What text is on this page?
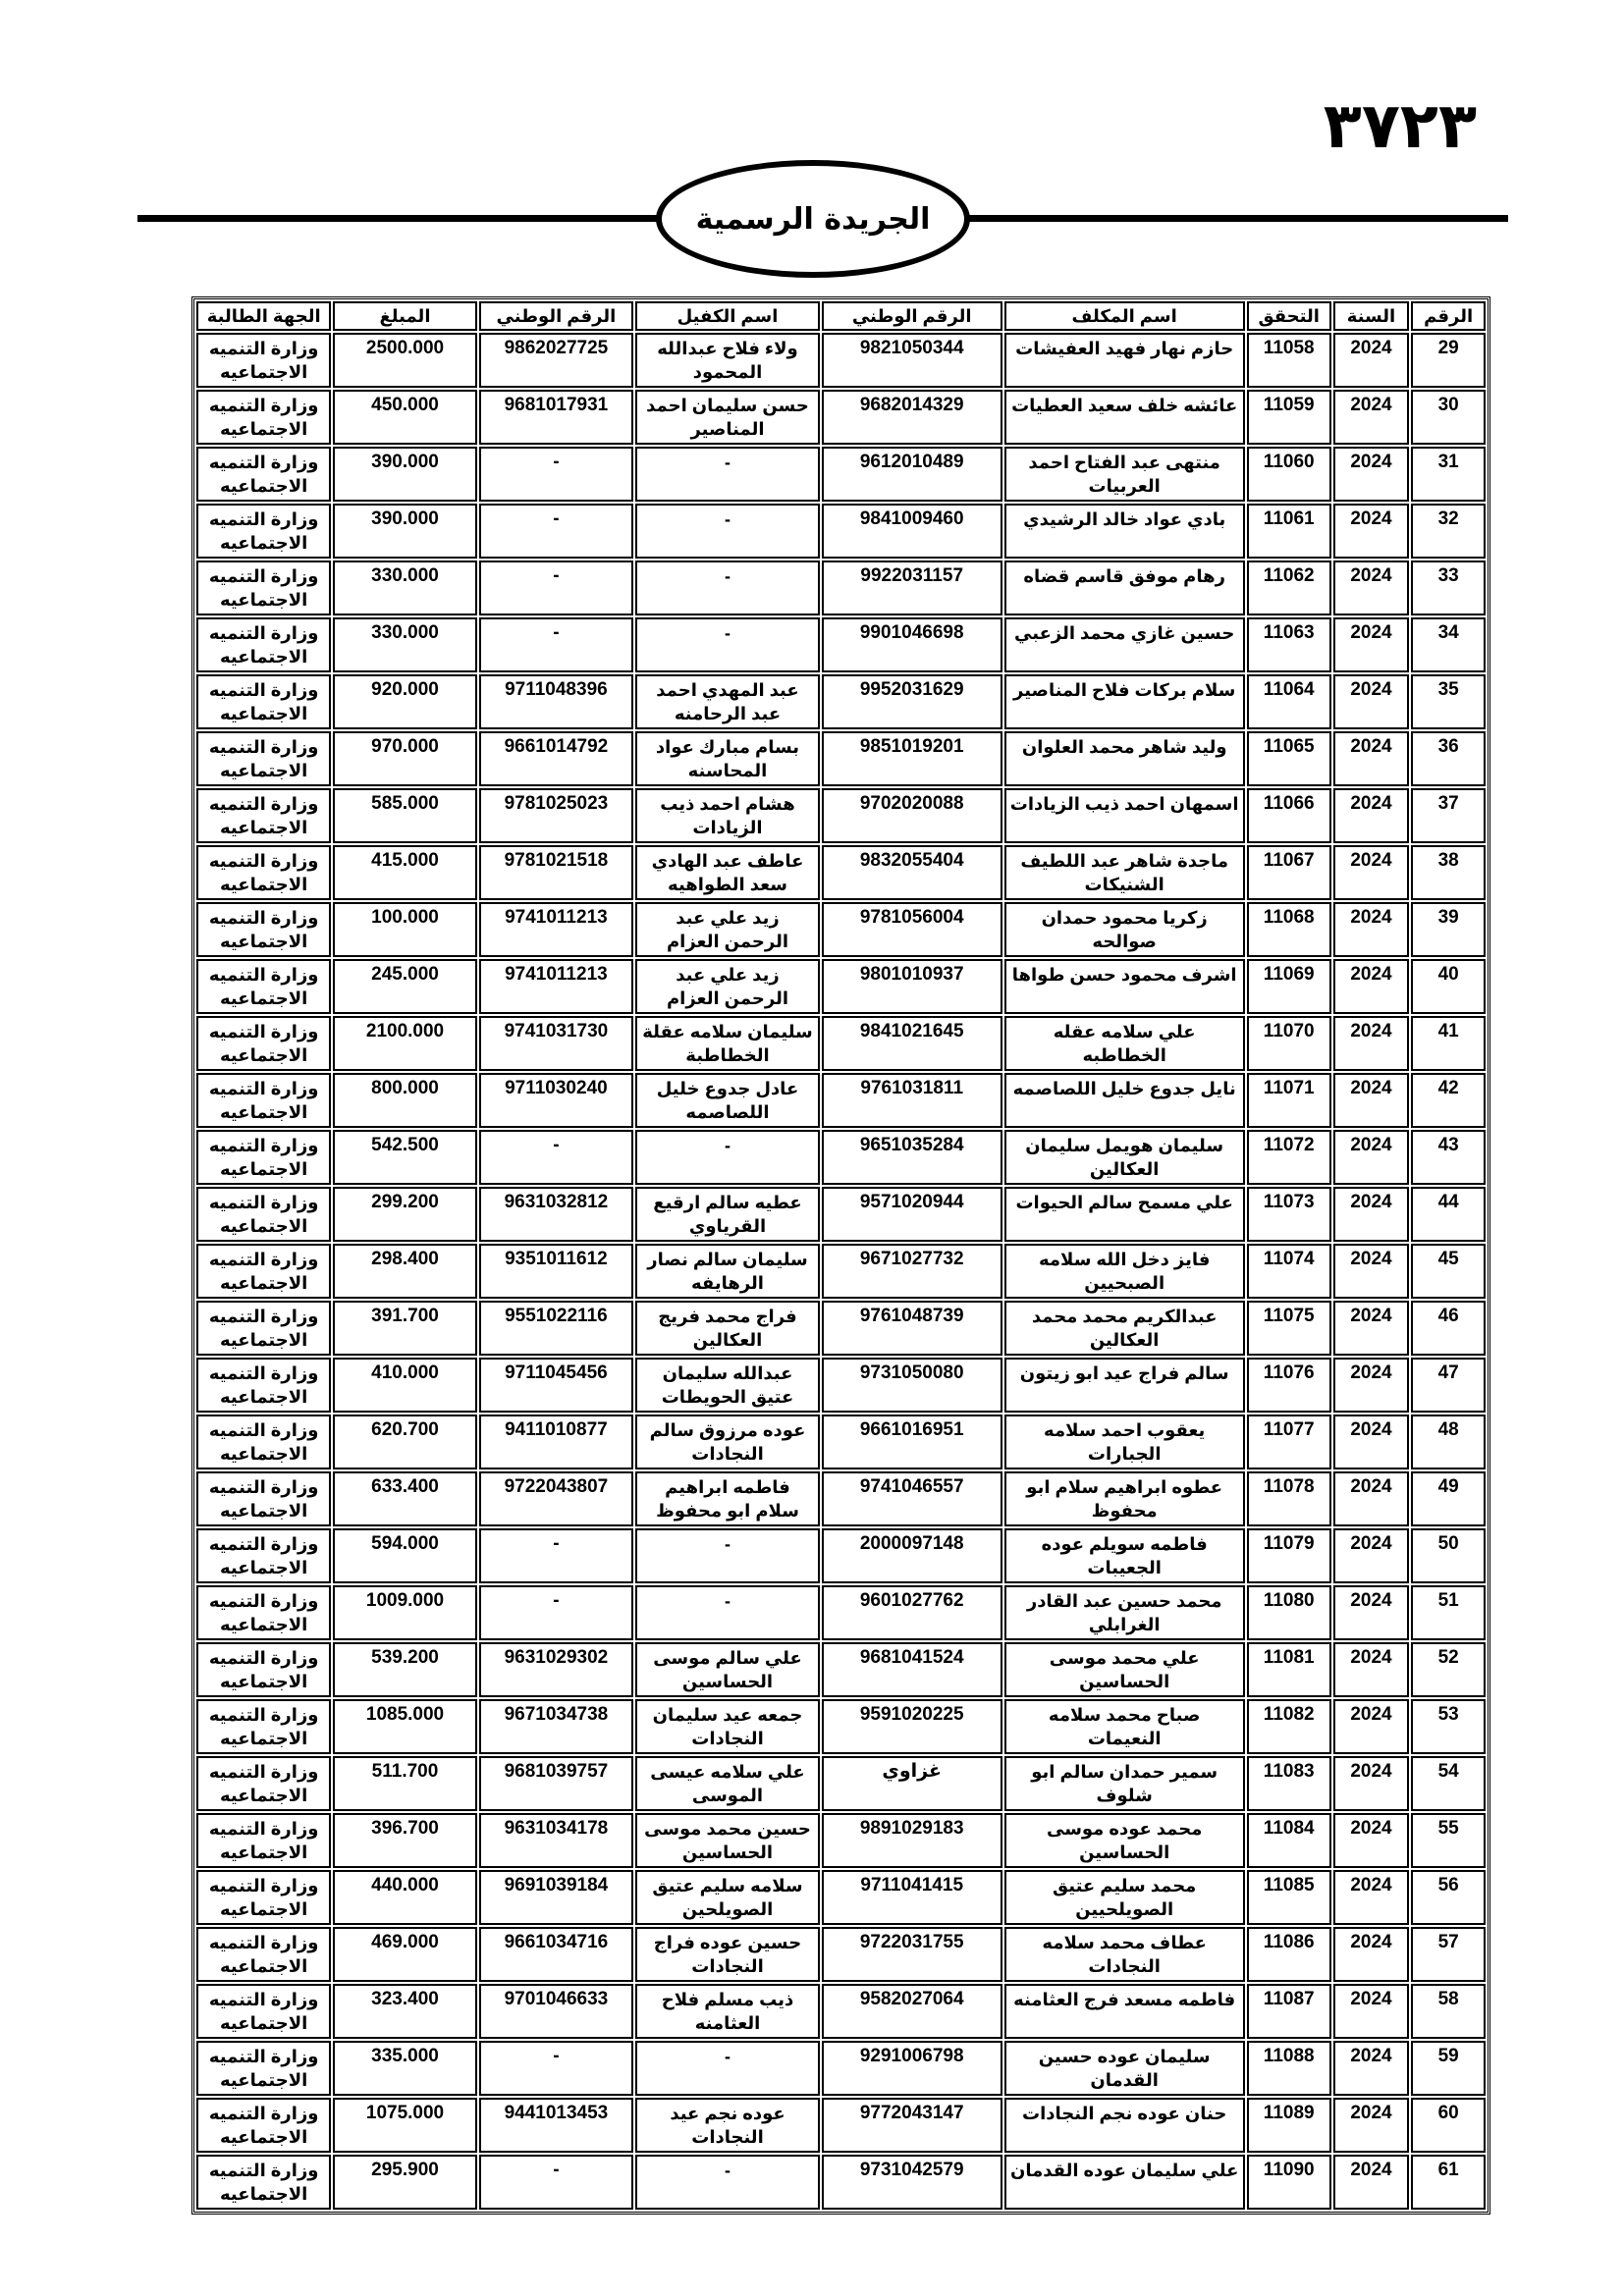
٣٧٢٣
الجريدة الرسمية
الرقم	السنة	التحقق	اسم المكلف	الرقم الوطني	اسم الكفيل	الرقم الوطني	المبلغ	الجهة الطالبة
29	2024	11058	حازم نهار فهيد العفيشات	9821050344	ولاء فلاح عبدالله المحمود	9862027725	2500.000	وزارة التنميه الاجتماعيه
30	2024	11059	عائشه خلف سعيد العطيات	9682014329	حسن سليمان احمد المناصير	9681017931	450.000	وزارة التنميه الاجتماعيه
31	2024	11060	منتهى عبد الفتاح احمد العربيات	9612010489	-	-	390.000	وزارة التنميه الاجتماعيه
32	2024	11061	بادي عواد خالد الرشيدي	9841009460	-	-	390.000	وزارة التنميه الاجتماعيه
33	2024	11062	رهام موفق قاسم قضاه	9922031157	-	-	330.000	وزارة التنميه الاجتماعيه
34	2024	11063	حسين غازي محمد الزعبي	9901046698	-	-	330.000	وزارة التنميه الاجتماعيه
35	2024	11064	سلام بركات فلاح المناصير	9952031629	عبد المهدي احمد عبد الرحامنه	9711048396	920.000	وزارة التنميه الاجتماعيه
36	2024	11065	وليد شاهر محمد العلوان	9851019201	بسام مبارك عواد المحاسنه	9661014792	970.000	وزارة التنميه الاجتماعيه
37	2024	11066	اسمهان احمد ذيب الزيادات	9702020088	هشام احمد ذيب الزيادات	9781025023	585.000	وزارة التنميه الاجتماعيه
38	2024	11067	ماجدة شاهر عبد اللطيف الشنيكات	9832055404	عاطف عبد الهادي سعد الطواهيه	9781021518	415.000	وزارة التنميه الاجتماعيه
39	2024	11068	زكريا محمود حمدان صوالحه	9781056004	زيد علي عبد الرحمن العزام	9741011213	100.000	وزارة التنميه الاجتماعيه
40	2024	11069	اشرف محمود حسن طواها	9801010937	زيد علي عبد الرحمن العزام	9741011213	245.000	وزارة التنميه الاجتماعيه
41	2024	11070	علي سلامه عقله الخطاطبه	9841021645	سليمان سلامه عقلة الخطاطبة	9741031730	2100.000	وزارة التنميه الاجتماعيه
42	2024	11071	نايل جدوع خليل اللصاصمه	9761031811	عادل جدوع خليل اللصاصمه	9711030240	800.000	وزارة التنميه الاجتماعيه
43	2024	11072	سليمان هويمل سليمان العكالين	9651035284	-	-	542.500	وزارة التنميه الاجتماعيه
44	2024	11073	علي مسمح سالم الحيوات	9571020944	عطيه سالم ارقيع القرياوي	9631032812	299.200	وزارة التنميه الاجتماعيه
45	2024	11074	فايز دخل الله سلامه الصبحيين	9671027732	سليمان سالم نصار الرهايفه	9351011612	298.400	وزارة التنميه الاجتماعيه
46	2024	11075	عبدالكريم محمد محمد العكالين	9761048739	فراج محمد فريج العكالين	9551022116	391.700	وزارة التنميه الاجتماعيه
47	2024	11076	سالم فراج عيد ابو زيتون	9731050080	عبدالله سليمان عتيق الحويطات	9711045456	410.000	وزارة التنميه الاجتماعيه
48	2024	11077	يعقوب احمد سلامه الجبارات	9661016951	عوده مرزوق سالم النجادات	9411010877	620.700	وزارة التنميه الاجتماعيه
49	2024	11078	عطوه ابراهيم سلام ابو محفوظ	9741046557	فاطمه ابراهيم سلام ابو محفوظ	9722043807	633.400	وزارة التنميه الاجتماعيه
50	2024	11079	فاطمه سويلم عوده الجعيبات	2000097148	-	-	594.000	وزارة التنميه الاجتماعيه
51	2024	11080	محمد حسين عبد القادر الغرابلي	9601027762	-	-	1009.000	وزارة التنميه الاجتماعيه
52	2024	11081	علي محمد موسى الحساسين	9681041524	علي سالم موسى الحساسين	9631029302	539.200	وزارة التنميه الاجتماعيه
53	2024	11082	صباح محمد سلامه النعيمات	9591020225	جمعه عيد سليمان النجادات	9671034738	1085.000	وزارة التنميه الاجتماعيه
54	2024	11083	سمير حمدان سالم ابو شلوف	غزاوي	علي سلامه عيسى الموسى	9681039757	511.700	وزارة التنميه الاجتماعيه
55	2024	11084	محمد عوده موسى الحساسين	9891029183	حسين محمد موسى الحساسين	9631034178	396.700	وزارة التنميه الاجتماعيه
56	2024	11085	محمد سليم عتيق الصويلحيين	9711041415	سلامه سليم عتيق الصويلحين	9691039184	440.000	وزارة التنميه الاجتماعيه
57	2024	11086	عطاف محمد سلامه النجادات	9722031755	حسين عوده فراج النجادات	9661034716	469.000	وزارة التنميه الاجتماعيه
58	2024	11087	فاطمه مسعد فرج العثامنه	9582027064	ذيب مسلم فلاح العثامنه	9701046633	323.400	وزارة التنميه الاجتماعيه
59	2024	11088	سليمان عوده حسين القدمان	9291006798	-	-	335.000	وزارة التنميه الاجتماعيه
60	2024	11089	حنان عوده نجم النجادات	9772043147	عوده نجم عيد النجادات	9441013453	1075.000	وزارة التنميه الاجتماعيه
61	2024	11090	علي سليمان عوده القدمان	9731042579	-	-	295.900	وزارة التنميه الاجتماعيه
